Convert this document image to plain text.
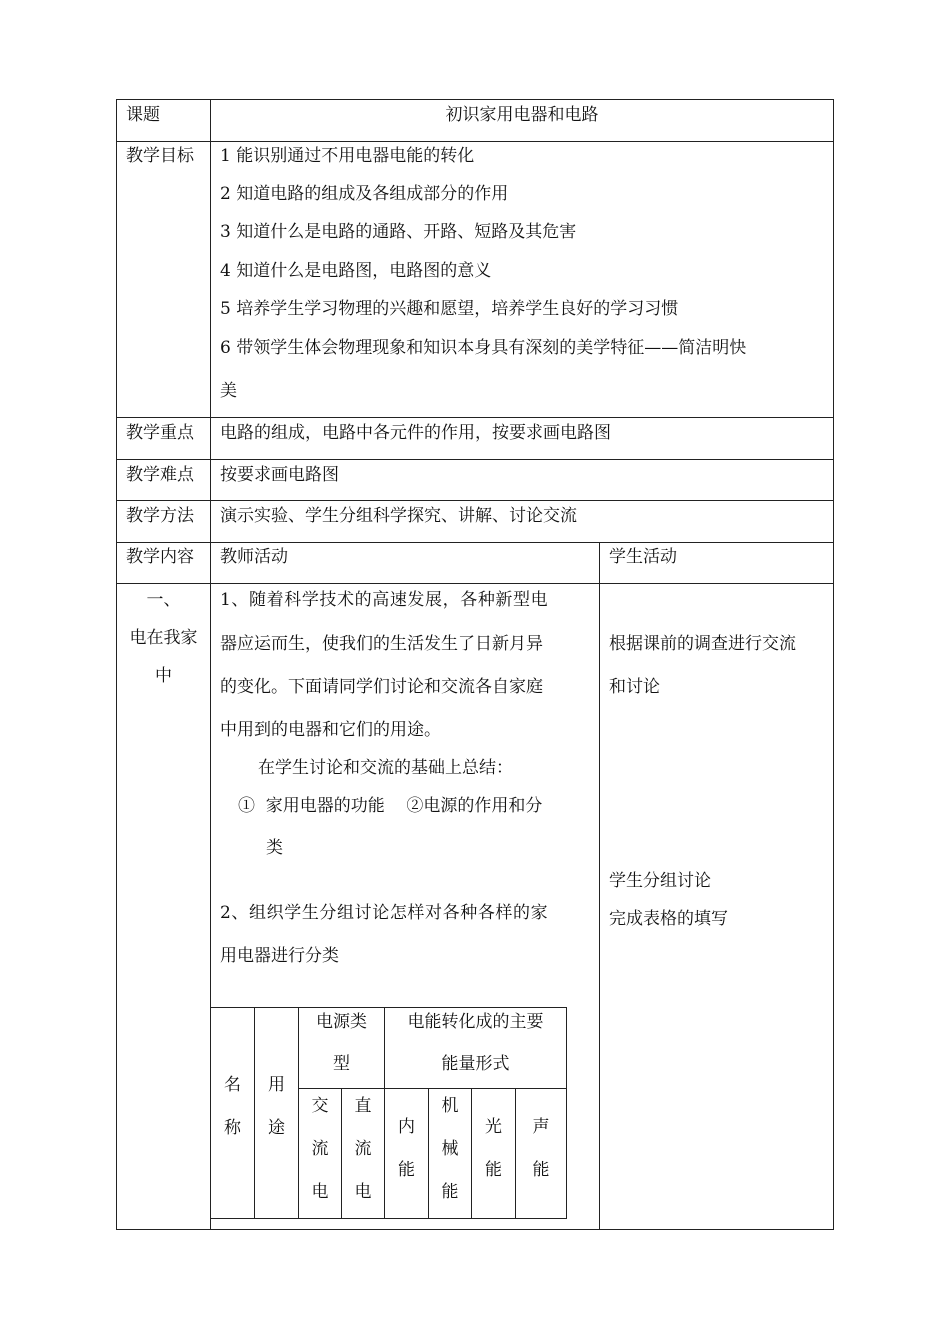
课题	初识家用电器和电路
教学目标 1 能识别通过不用电器电能的转化
2 知道电路的组成及各组成部分的作用
3 知道什么是电路的通路、开路、短路及其危害
4 知道什么是电路图，电路图的意义
5 培养学生学习物理的兴趣和愿望，培养学生良好的学习习惯
6 带领学生体会物理现象和知识本身具有深刻的美学特征——简洁明快
美
教学重点 电路的组成，电路中各元件的作用，按要求画电路图
教学难点 按要求画电路图
教学方法 演示实验、学生分组科学探究、讲解、讨论交流
教学内容 教师活动	学生活动
一、
电在我家
中
1、随着科学技术的高速发展，各种新型电
器应运而生，使我们的生活发生了日新月异
的变化。下面请同学们讨论和交流各自家庭
中用到的电器和它们的用途。
在学生讨论和交流的基础上总结：
①  家用电器的功能    ②电源的作用和分
类
2、组织学生分组讨论怎样对各种各样的家
用电器进行分类
根据课前的调查进行交流
和讨论
学生分组讨论
完成表格的填写
名
称
用
途
电源类
型
电能转化成的主要
能量形式
交
流
电
直
流
电
内
能
机
械
能
光
能
声
能
